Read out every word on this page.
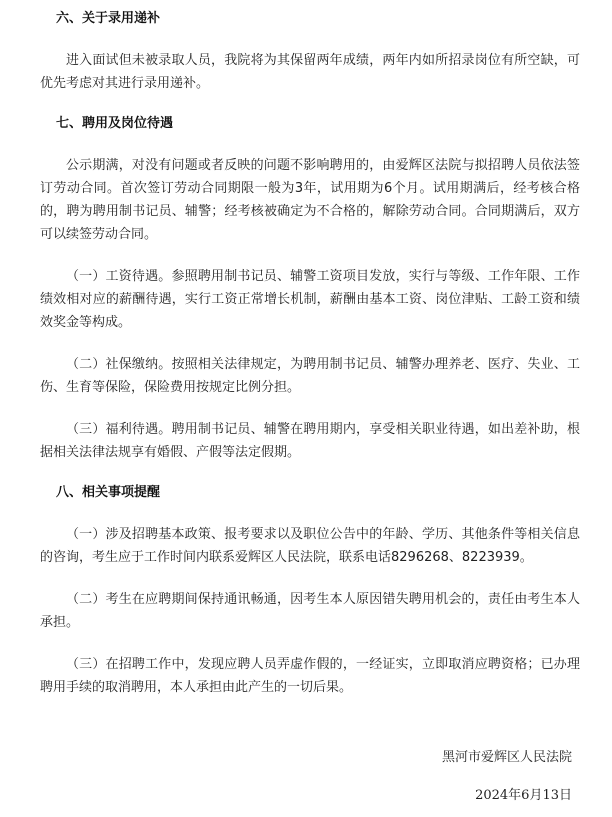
六、关于录用递补

进入面试但未被录取人员，我院将为其保留两年成绩，两年内如所招录岗位有所空缺，可优先考虑对其进行录用递补。

七、聘用及岗位待遇

公示期满，对没有问题或者反映的问题不影响聘用的，由爱辉区法院与拟招聘人员依法签订劳动合同。首次签订劳动合同期限一般为3年，试用期为6个月。试用期满后，经考核合格的，聘为聘用制书记员、辅警；经考核被确定为不合格的，解除劳动合同。合同期满后，双方可以续签劳动合同。

（一）工资待遇。参照聘用制书记员、辅警工资项目发放，实行与等级、工作年限、工作绩效相对应的薪酬待遇，实行工资正常增长机制，薪酬由基本工资、岗位津贴、工龄工资和绩效奖金等构成。

（二）社保缴纳。按照相关法律规定，为聘用制书记员、辅警办理养老、医疗、失业、工伤、生育等保险，保险费用按规定比例分担。

（三）福利待遇。聘用制书记员、辅警在聘用期内，享受相关职业待遇，如出差补助，根据相关法律法规享有婚假、产假等法定假期。

八、相关事项提醒

（一）涉及招聘基本政策、报考要求以及职位公告中的年龄、学历、其他条件等相关信息的咨询，考生应于工作时间内联系爱辉区人民法院，联系电话8296268、8223939。

（二）考生在应聘期间保持通讯畅通，因考生本人原因错失聘用机会的，责任由考生本人承担。

（三）在招聘工作中，发现应聘人员弄虚作假的，一经证实，立即取消应聘资格；已办理聘用手续的取消聘用，本人承担由此产生的一切后果。

黑河市爱辉区人民法院
2024年6月13日
